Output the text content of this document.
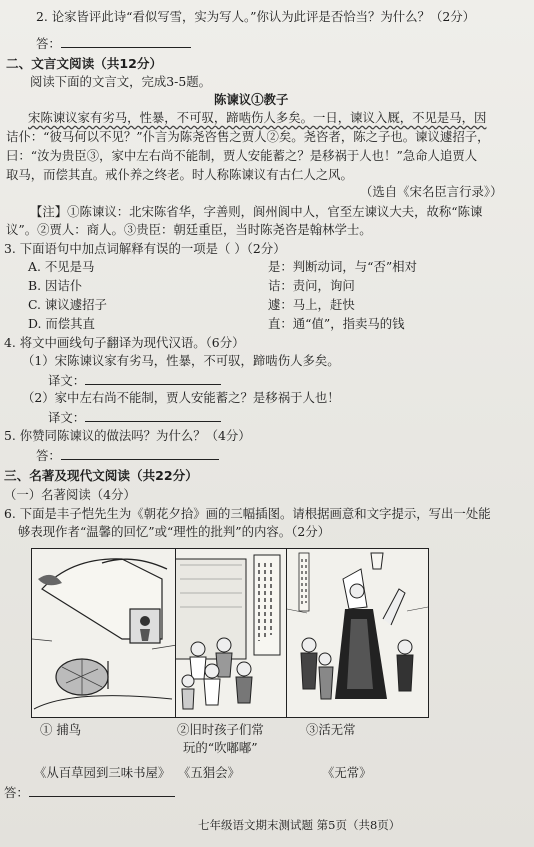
2. 论家皆评此诗“看似写雪，实为写人。”你认为此评是否恰当？为什么？（2分）
答：
二、文言文阅读（共12分）
阅读下面的文言文，完成3-5题。
陈谏议①教子
宋陈谏议家有劣马，性暴，不可驭，蹄啮伤人多矣。一日，谏议入厩，不见是马，因
诘仆：“彼马何以不见？”仆言为陈尧咨售之贾人②矣。尧咨者，陈之子也。谏议遽招子，
曰：“汝为贵臣③，家中左右尚不能制，贾人安能蓄之？是移祸于人也！”急命人追贾人
取马，而偿其直。戒仆养之终老。时人称陈谏议有古仁人之风。
（选自《宋名臣言行录》）
【注】①陈谏议：北宋陈省华，字善则，阆州阆中人，官至左谏议大夫，故称“陈谏
议”。②贾人：商人。③贵臣：朝廷重臣，当时陈尧咨是翰林学士。
3. 下面语句中加点词解释有误的一项是（ ）（2分）
A. 不见是马	是：判断动词，与“否”相对
B. 因诘仆	诘：责问，询问
C. 谏议遽招子	遽：马上，赶快
D. 而偿其直	直：通“值”，指卖马的钱
4. 将文中画线句子翻译为现代汉语。（6分）
（1）宋陈谏议家有劣马，性暴，不可驭，蹄啮伤人多矣。
译文：
（2）家中左右尚不能制，贾人安能蓄之？是移祸于人也！
译文：
5. 你赞同陈谏议的做法吗？为什么？（4分）
答：
三、名著及现代文阅读（共22分）
（一）名著阅读（4分）
6. 下面是丰子恺先生为《朝花夕拾》画的三幅插图。请根据画意和文字提示，写出一处能
够表现作者“温馨的回忆”或“理性的批判”的内容。（2分）
① 捕鸟	②旧时孩子们常
玩的“吹嘟嘟”
③活无常
《从百草园到三味书屋》 《五猖会》	《无常》
答：
七年级语文期末测试题 第5页（共8页）
